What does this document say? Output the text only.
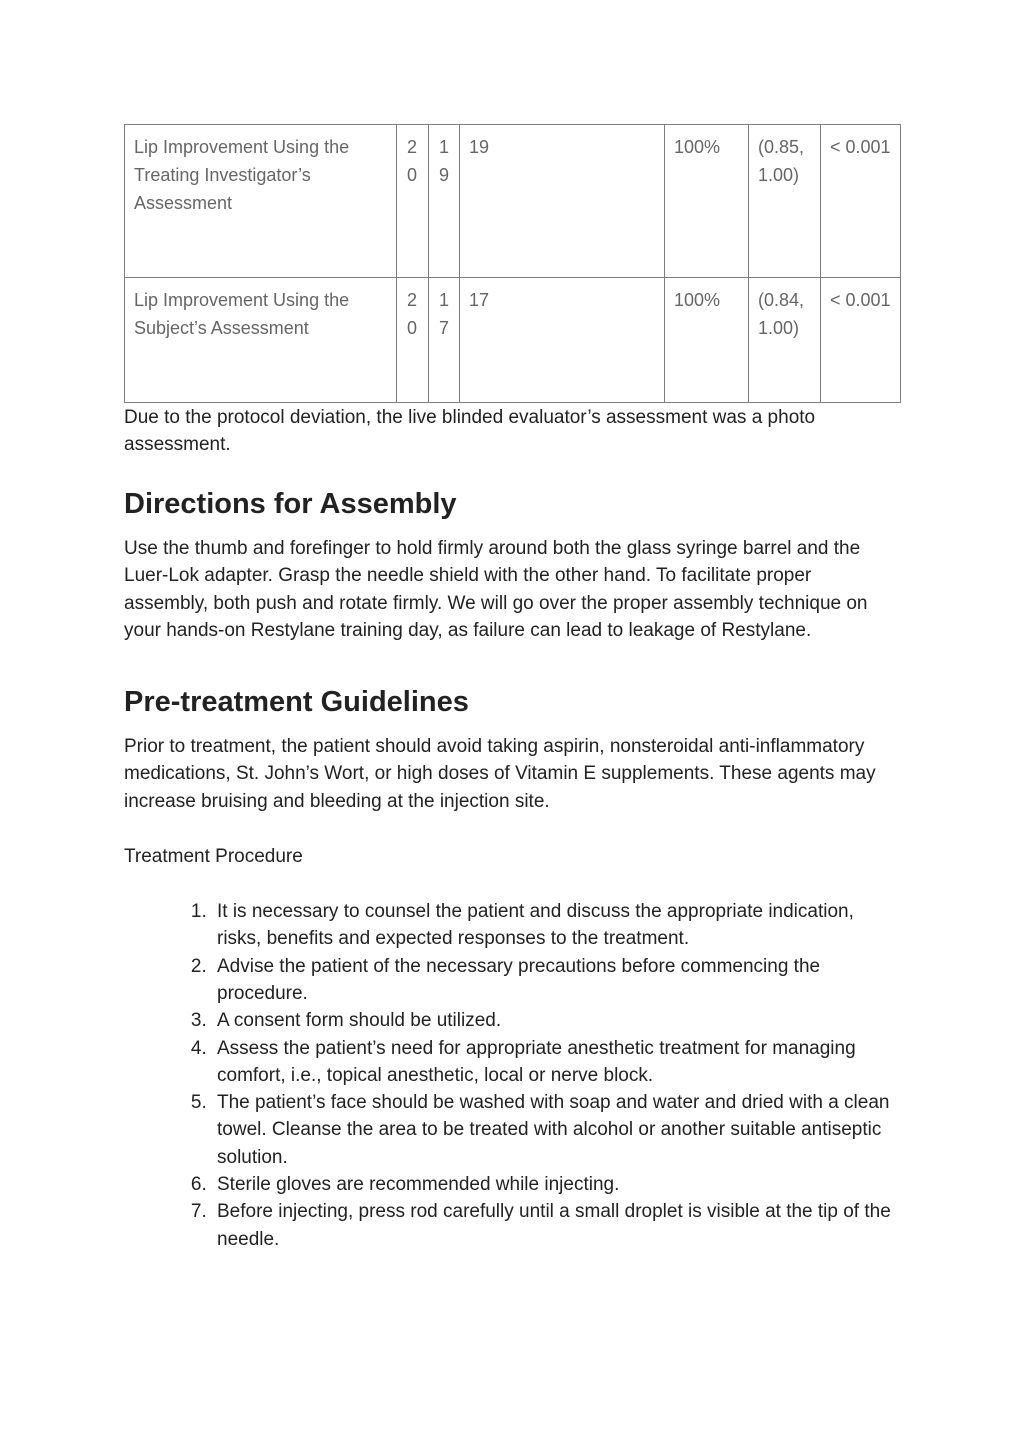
Lip Improvement Using the Treating Investigator’s Assessment	20	19	19	100%	(0.85, 1.00)	< 0.001
Lip Improvement Using the Subject’s Assessment	20	17	17	100%	(0.84, 1.00)	< 0.001

Due to the protocol deviation, the live blinded evaluator’s assessment was a photo assessment.

Directions for Assembly

Use the thumb and forefinger to hold firmly around both the glass syringe barrel and the Luer-Lok adapter. Grasp the needle shield with the other hand. To facilitate proper assembly, both push and rotate firmly. We will go over the proper assembly technique on your hands-on Restylane training day, as failure can lead to leakage of Restylane.

Pre-treatment Guidelines

Prior to treatment, the patient should avoid taking aspirin, nonsteroidal anti-inflammatory medications, St. John’s Wort, or high doses of Vitamin E supplements. These agents may increase bruising and bleeding at the injection site.

Treatment Procedure

1. It is necessary to counsel the patient and discuss the appropriate indication, risks, benefits and expected responses to the treatment.
2. Advise the patient of the necessary precautions before commencing the procedure.
3. A consent form should be utilized.
4. Assess the patient’s need for appropriate anesthetic treatment for managing comfort, i.e., topical anesthetic, local or nerve block.
5. The patient’s face should be washed with soap and water and dried with a clean towel. Cleanse the area to be treated with alcohol or another suitable antiseptic solution.
6. Sterile gloves are recommended while injecting.
7. Before injecting, press rod carefully until a small droplet is visible at the tip of the needle.
